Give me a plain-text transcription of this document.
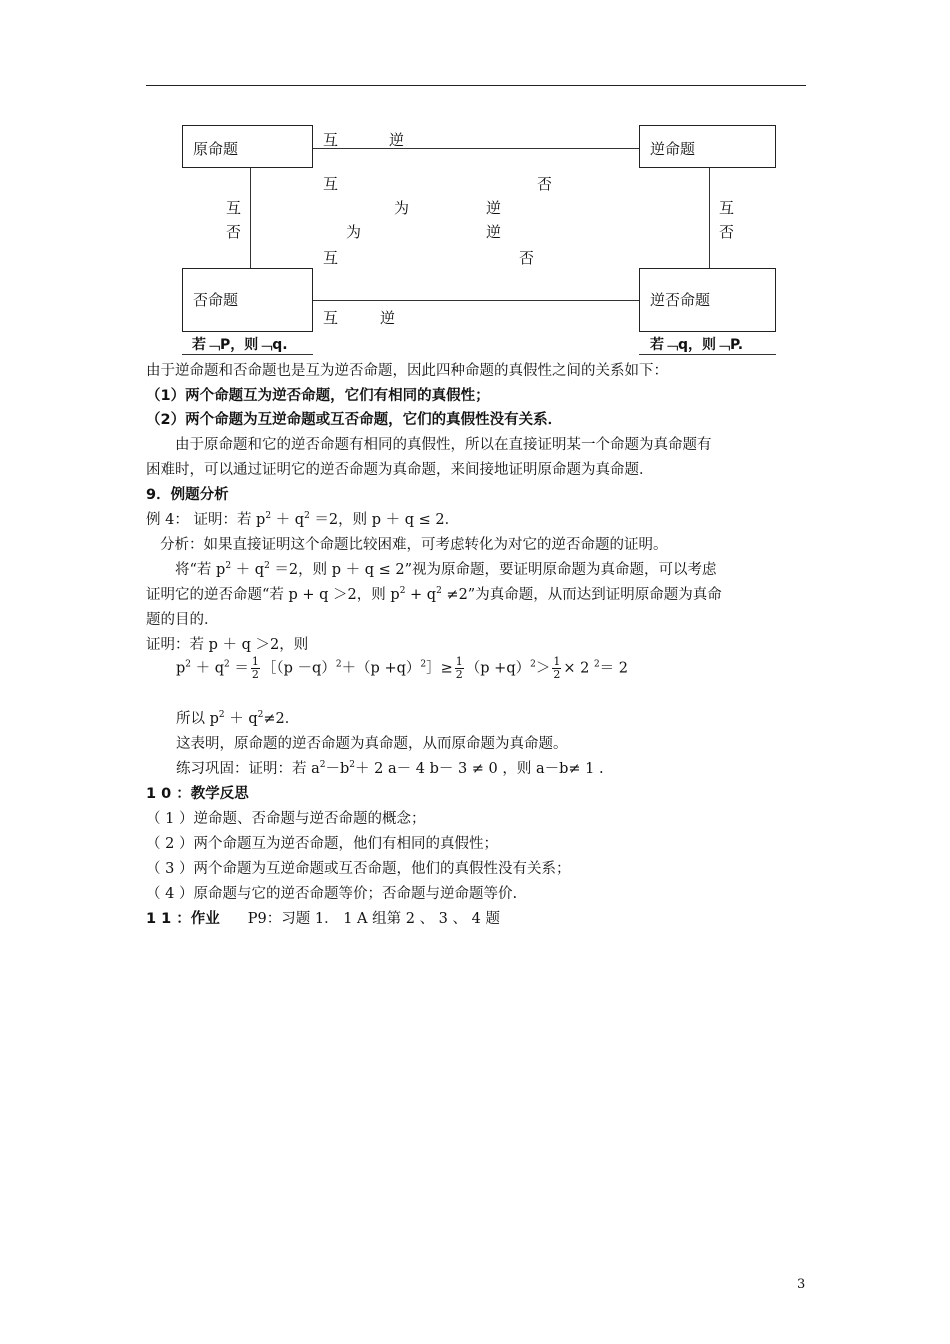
原命题	逆命题
否命题	逆否命题
互	逆
互	逆
互
否
互
否
互
为
逆
否
否
逆
为
互
若﹁P，则﹁q.	若﹁q，则﹁P.
由于逆命题和否命题也是互为逆否命题，因此四种命题的真假性之间的关系如下：
（1）两个命题互为逆否命题，它们有相同的真假性；
（2）两个命题为互逆命题或互否命题，它们的真假性没有关系．
由于原命题和它的逆否命题有相同的真假性，所以在直接证明某一个命题为真命题有
困难时，可以通过证明它的逆否命题为真命题，来间接地证明原命题为真命题．
9．例题分析
例 4： 证明：若 $p^2 + q^2 =2$，则 p ＋ q ≤ 2．
分析：如果直接证明这个命题比较困难，可考虑转化为对它的逆否命题的证明。
将“若 $p^2 + q^2 =2$，则 p ＋ q ≤ 2”视为原命题，要证明原命题为真命题，可以考虑
证明它的逆否命题“若 p + q ＞2，则 $p^2 + q^2 \ne 2$”为真命题，从而达到证明原命题为真命
题的目的．
证明：若 p ＋ q ＞2，则
$p^2 + q^2 = \frac{1}{2}$ ［（p $-q)^2+(p +q)^2]\ge \frac{1}{2} (p +q)^2> \frac{1}{2} \times 2$ $^2$＝ 2
所以 $p^2 + q^2\ne 2$．
这表明，原命题的逆否命题为真命题，从而原命题为真命题。
练习巩固：证明：若 $a^2-b^2+ 2$ a－ 4 b－ 3 ≠ 0 ，则 a－b≠ 1 .
1 0 ：教学反思
（ 1 ）逆命题、否命题与逆否命题的概念；
（ 2 ）两个命题互为逆否命题，他们有相同的真假性；
（ 3 ）两个命题为互逆命题或互否命题，他们的真假性没有关系；
（ 4 ）原命题与它的逆否命题等价；否命题与逆命题等价.
1 1 ：作业 P9：习题 1． 1 A 组第 2 、 3 、 4 题
3
